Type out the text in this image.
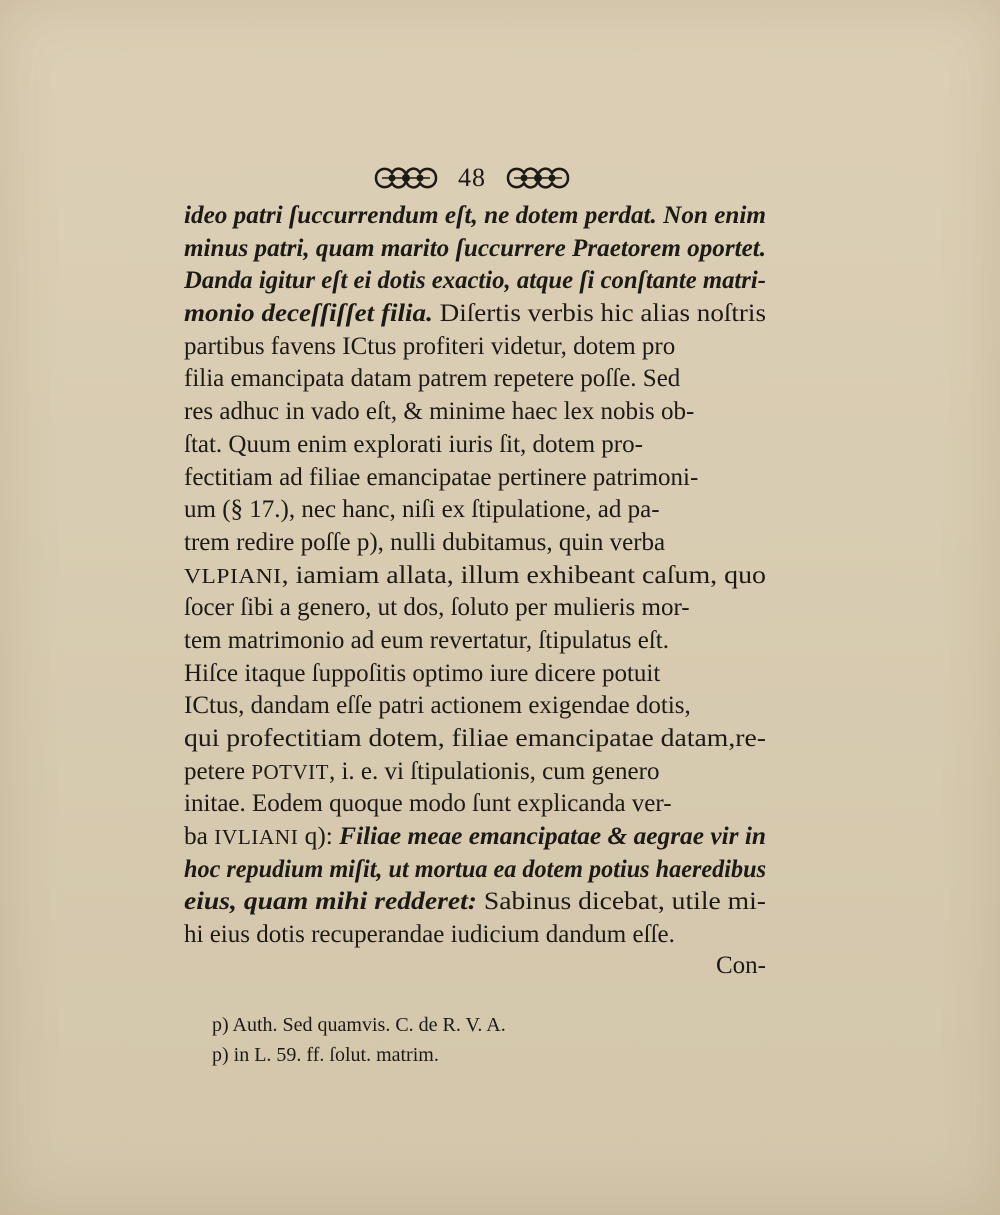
48
ideo patri ſuccurrendum eſt, ne dotem perdat. Non enim
minus patri, quam marito ſuccurrere Praetorem oportet.
Danda igitur eſt ei dotis exactio, atque ſi conſtante matri-
monio deceſſiſſet filia. Diſertis verbis hic alias noſtris
partibus favens ICtus profiteri videtur, dotem pro
filia emancipata datam patrem repetere poſſe. Sed
res adhuc in vado eſt, & minime haec lex nobis ob-
ſtat. Quum enim explorati iuris ſit, dotem pro-
fectitiam ad filiae emancipatae pertinere patrimoni-
um (§ 17.), nec hanc, niſi ex ſtipulatione, ad pa-
trem redire poſſe p), nulli dubitamus, quin verba
VLPIANI, iamiam allata, illum exhibeant caſum, quo
ſocer ſibi a genero, ut dos, ſoluto per mulieris mor-
tem matrimonio ad eum revertatur, ſtipulatus eſt.
Hiſce itaque ſuppoſitis optimo iure dicere potuit
ICtus, dandam eſſe patri actionem exigendae dotis,
qui profectitiam dotem, filiae emancipatae datam,re-
petere POTVIT, i. e. vi ſtipulationis, cum genero
initae. Eodem quoque modo ſunt explicanda ver-
ba IVLIANI q): Filiae meae emancipatae & aegrae vir in
hoc repudium miſit, ut mortua ea dotem potius haeredibus
eius, quam mihi redderet: Sabinus dicebat, utile mi-
hi eius dotis recuperandae iudicium dandum eſſe.
Con-
p) Auth. Sed quamvis. C. de R. V. A.
p) in L. 59. ff. ſolut. matrim.
